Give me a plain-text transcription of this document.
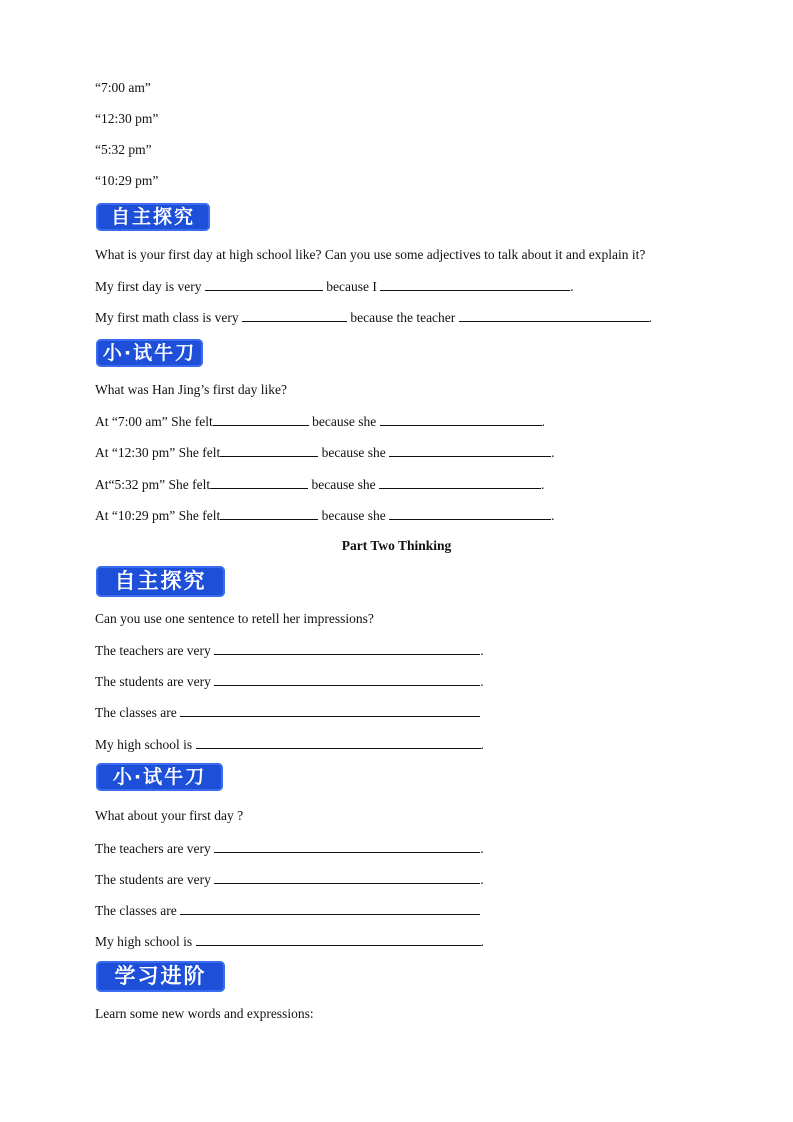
“7:00 am”
“12:30 pm”
“5:32 pm”
“10:29 pm”
自主探究
What is your first day at high school like? Can you use some adjectives to talk about it and explain it?
My first day is very	because I	.
My first math class is very	because the teacher	.
小·试牛刀
What was Han Jing’s first day like?
At “7:00 am” She felt	because she	.
At “12:30 pm” She felt	because she	.
At“5:32 pm” She felt	because she	.
At “10:29 pm” She felt	because she	.
Part Two Thinking
自主探究
Can you use one sentence to retell her impressions?
The teachers are very	.
The students are very	.
The classes are
My high school is	.
小·试牛刀
What about your first day ?
The teachers are very	.
The students are very	.
The classes are
My high school is	.
学习进阶
Learn some new words and expressions:
